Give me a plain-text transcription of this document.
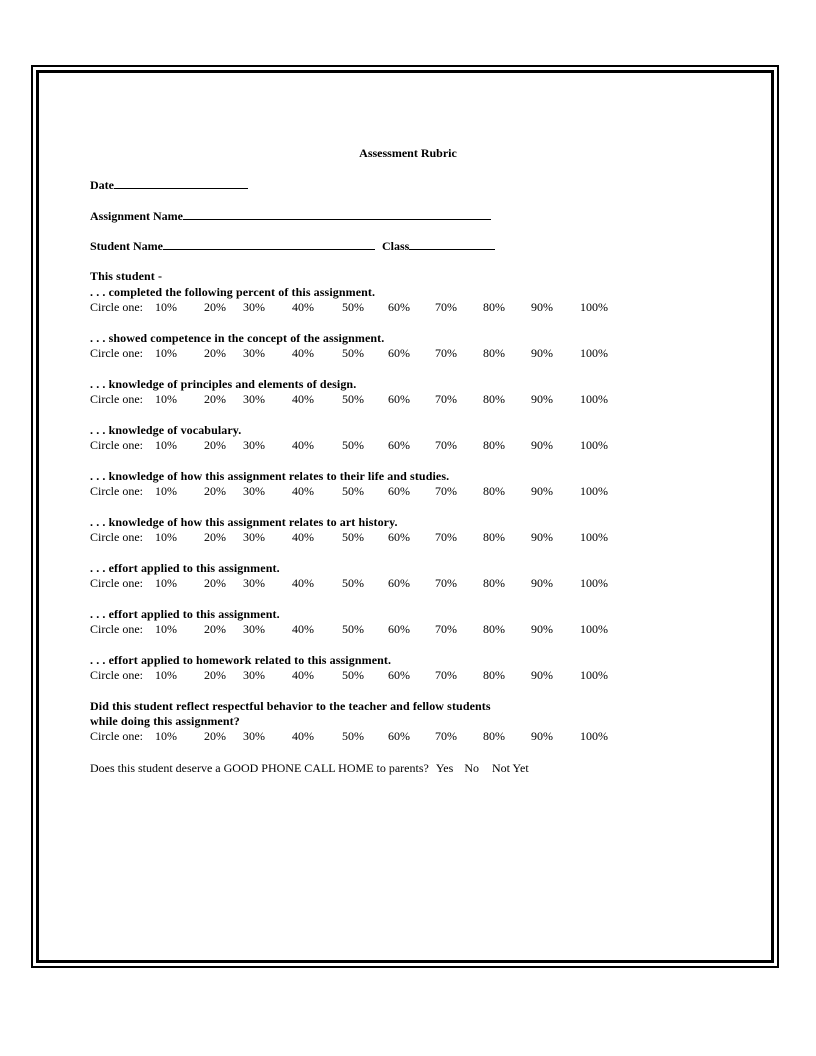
Assessment Rubric
Date
Assignment Name
Student Name	Class
This student -
. . . completed the following percent of this assignment.
Circle one: 10% 20% 30% 40% 50% 60% 70% 80% 90% 100%
. . . showed competence in the concept of the assignment.
Circle one: 10% 20% 30% 40% 50% 60% 70% 80% 90% 100%
. . . knowledge of principles and elements of design.
Circle one: 10% 20% 30% 40% 50% 60% 70% 80% 90% 100%
. . . knowledge of vocabulary.
Circle one: 10% 20% 30% 40% 50% 60% 70% 80% 90% 100%
. . . knowledge of how this assignment relates to their life and studies.
Circle one: 10% 20% 30% 40% 50% 60% 70% 80% 90% 100%
. . . knowledge of how this assignment relates to art history.
Circle one: 10% 20% 30% 40% 50% 60% 70% 80% 90% 100%
. . . effort applied to this assignment.
Circle one: 10% 20% 30% 40% 50% 60% 70% 80% 90% 100%
. . . effort applied to this assignment.
Circle one: 10% 20% 30% 40% 50% 60% 70% 80% 90% 100%
. . . effort applied to homework related to this assignment.
Circle one: 10% 20% 30% 40% 50% 60% 70% 80% 90% 100%
Circle one: 10% 20% 30% 40% 50% 60% 70% 80% 90% 100%
Did this student reflect respectful behavior to the teacher and fellow students
while doing this assignment?
Does this student deserve a GOOD PHONE CALL HOME to parents? Yes No Not Yet
